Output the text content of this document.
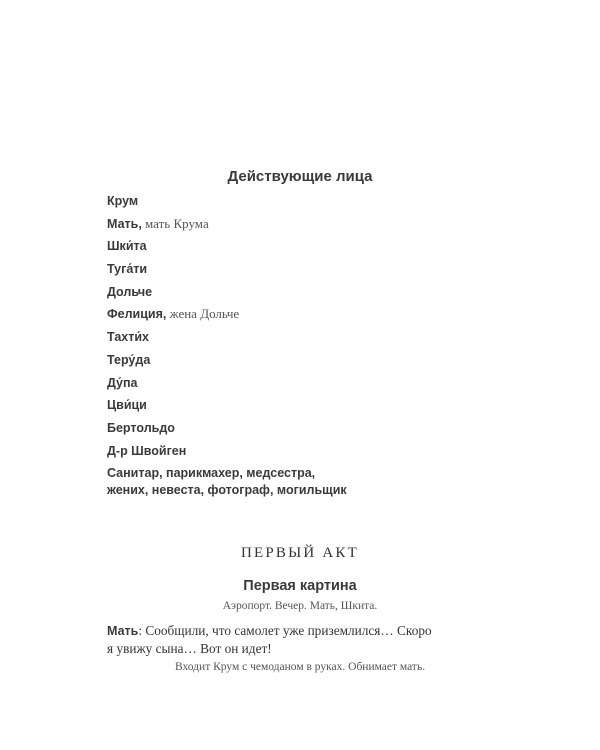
Действующие лица
Крум
Мать, мать Крума
Шки́та
Туга́ти
Дольче
Фелиция, жена Дольче
Тахти́х
Теру́да
Ду́па
Цви́ци
Бертольдо
Д-р Швойген
Санитар, парикмахер, медсестра,
жених, невеста, фотограф, могильщик
ПЕРВЫЙ АКТ
Первая картина
Аэропорт. Вечер. Мать, Шкита.
Мать: Сообщили, что самолет уже приземлился… Скоро
я увижу сына… Вот он идет!
Входит Крум с чемоданом в руках. Обнимает мать.
